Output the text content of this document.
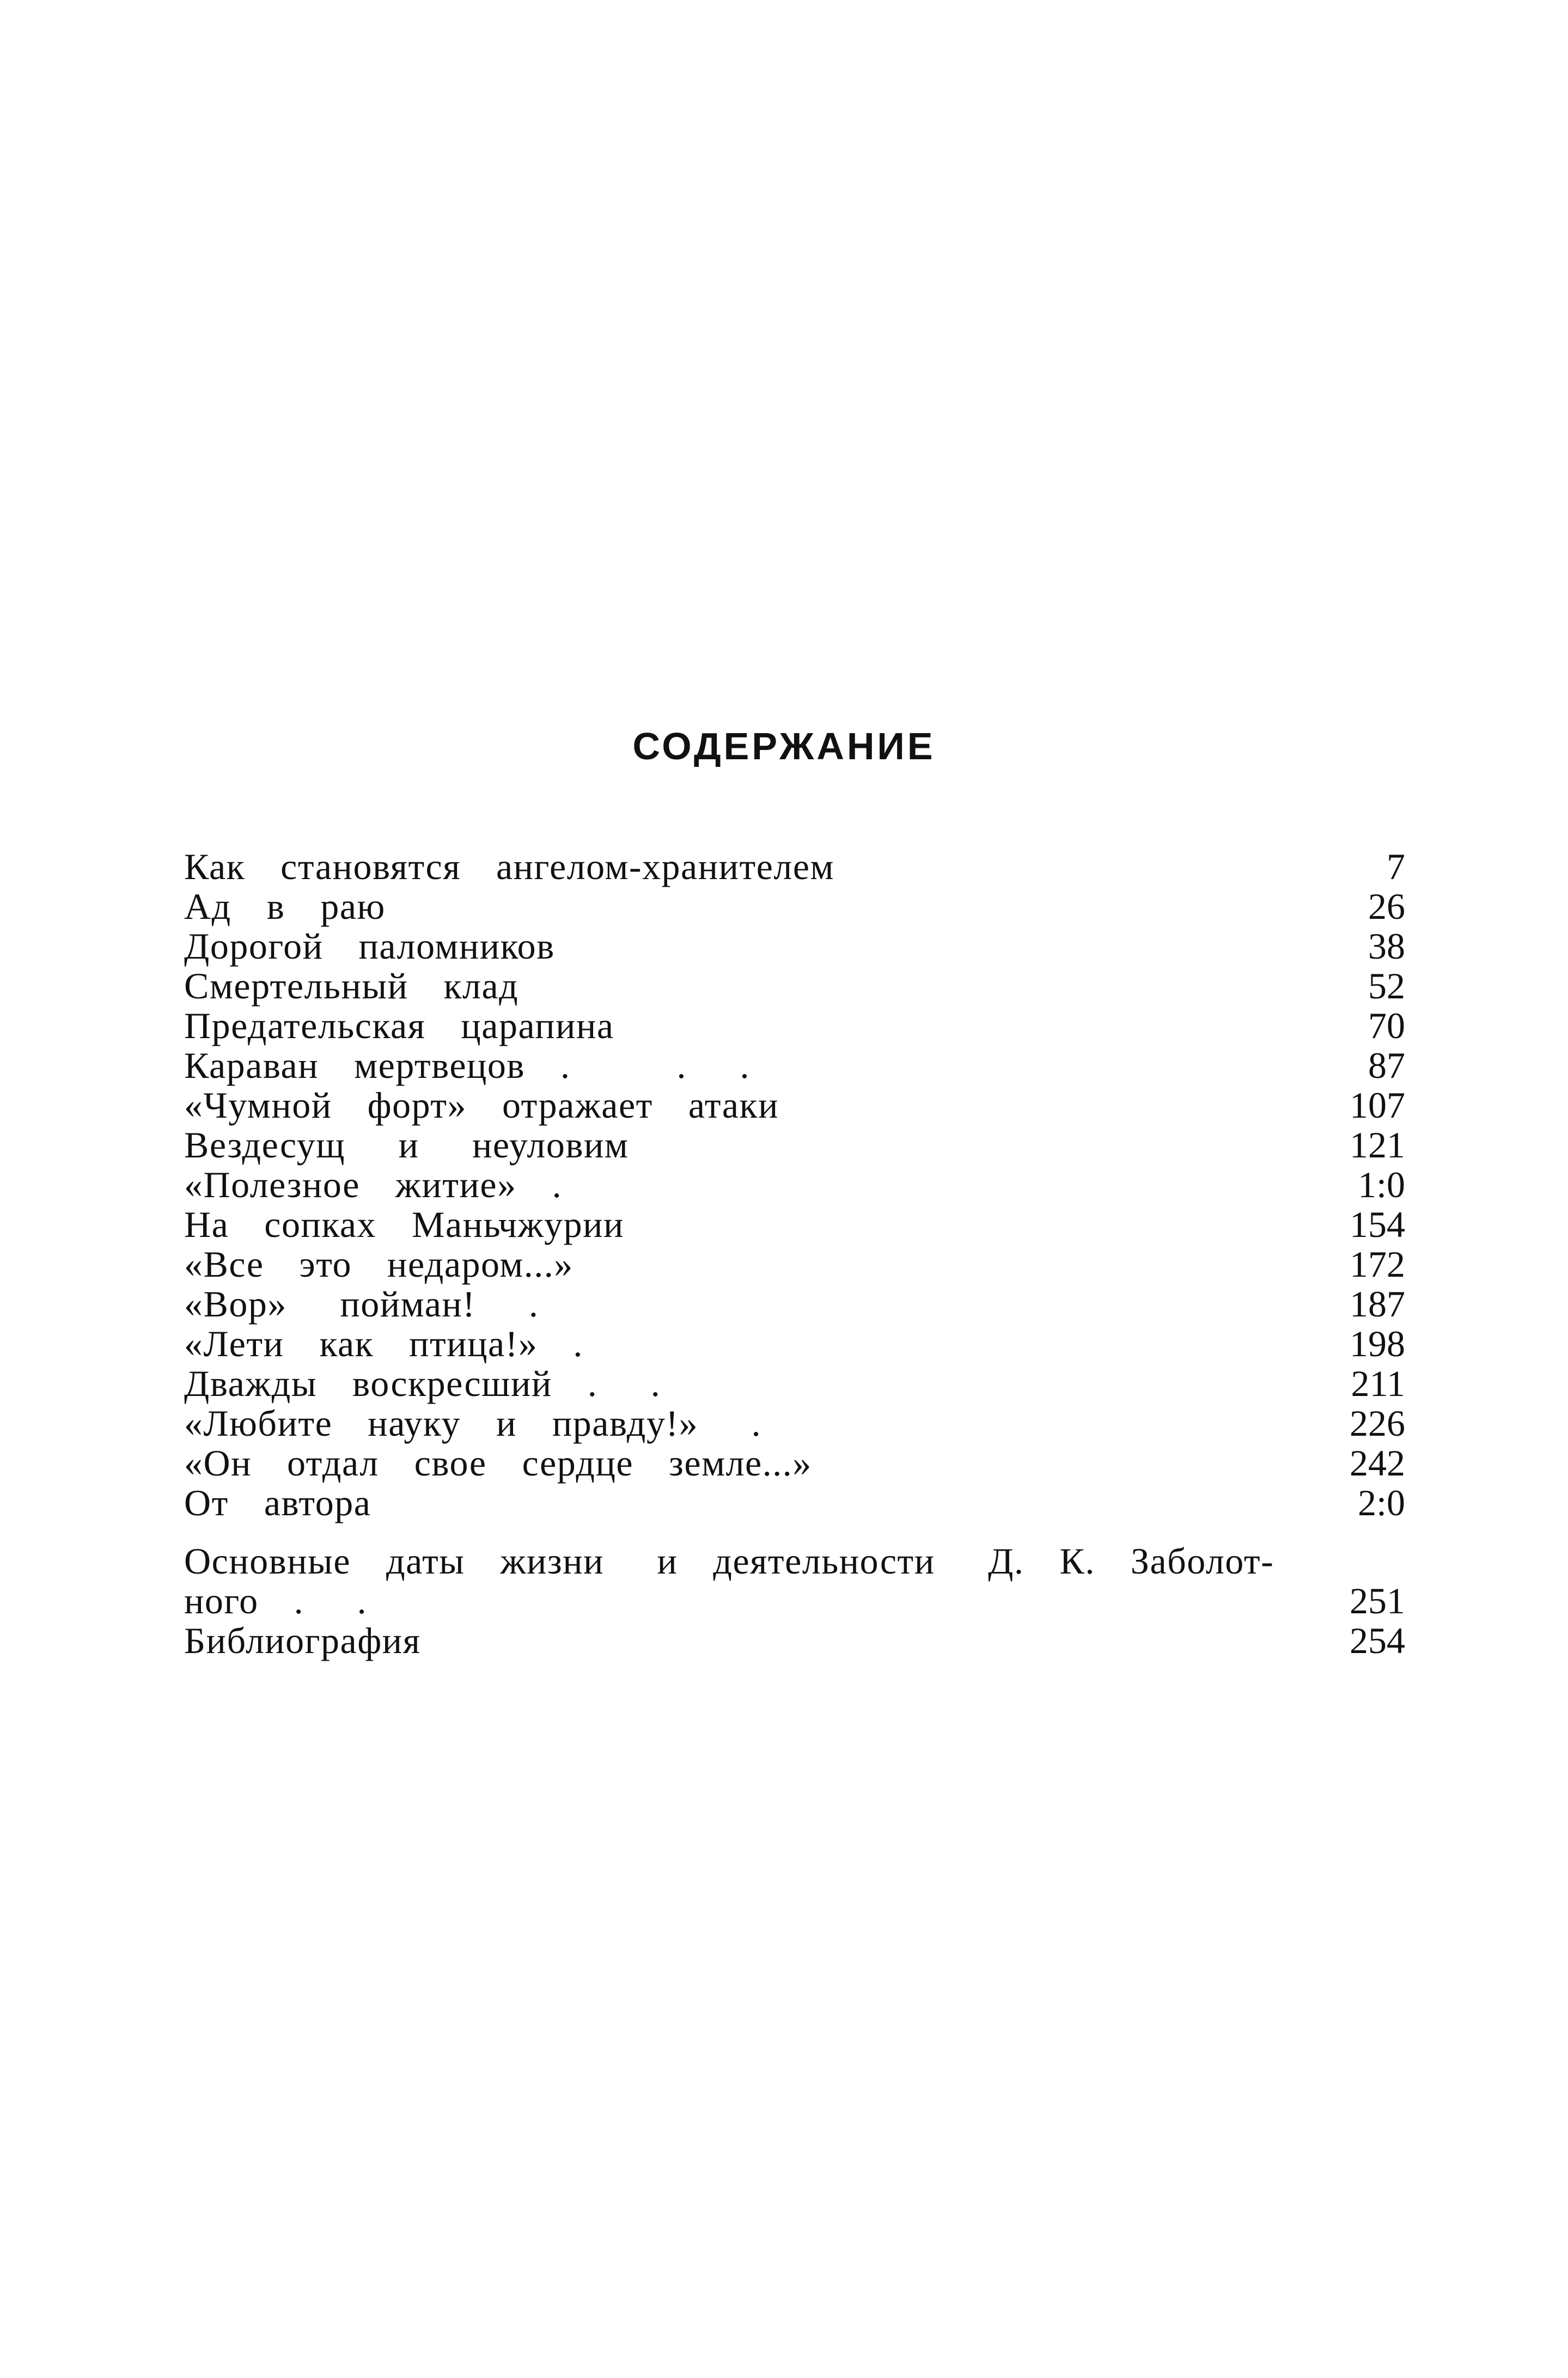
СОДЕРЖАНИЕ
Как  становятся  ангелом-хранителем	7
Ад  в  раю	26
Дорогой  паломников	38
Смертельный  клад	52
Предательская  царапина	70
Караван  мертвецов  .      .   .	87
«Чумной  форт»  отражает  атаки	107
Вездесущ   и   неуловим	121
«Полезное  житие»  .	1:0
На  сопках  Маньчжурии	154
«Все  это  недаром...»	172
«Вор»   пойман!   .	187
«Лети  как  птица!»  .	198
Дважды  воскресший  .   .	211
«Любите  науку  и  правду!»   .	226
«Он  отдал  свое  сердце  земле...»	242
От  автора	2:0
Основные  даты  жизни   и  деятельности   Д.  К.  Заболот-
ного  .   .	251
Библиография	254
